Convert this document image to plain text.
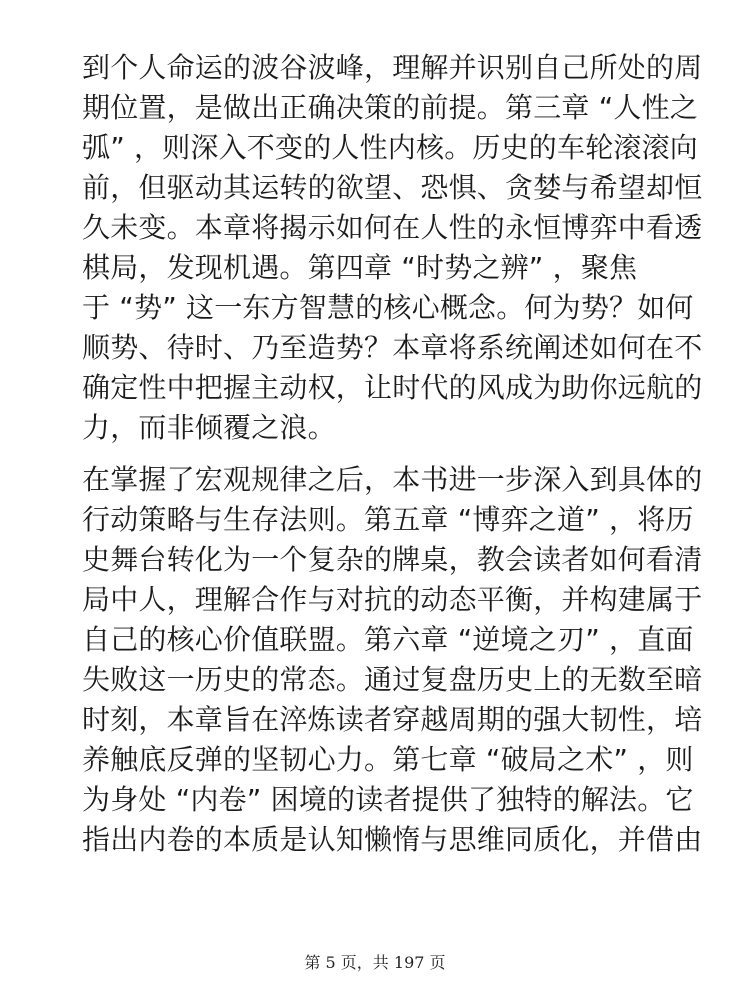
到个人命运的波谷波峰，理解并识别自己所处的周
期位置，是做出正确决策的前提。第三章 “人性之
弧” ，则深入不变的人性内核。历史的车轮滚滚向
前，但驱动其运转的欲望、恐惧、贪婪与希望却恒
久未变。本章将揭示如何在人性的永恒博弈中看透
棋局，发现机遇。第四章 “时势之辨” ，聚焦
于 “势” 这一东方智慧的核心概念。何为势？如何
顺势、待时、乃至造势？本章将系统阐述如何在不
确定性中把握主动权，让时代的风成为助你远航的
力，而非倾覆之浪。
在掌握了宏观规律之后，本书进一步深入到具体的
行动策略与生存法则。第五章 “博弈之道” ，将历
史舞台转化为一个复杂的牌桌，教会读者如何看清
局中人，理解合作与对抗的动态平衡，并构建属于
自己的核心价值联盟。第六章 “逆境之刃” ，直面
失败这一历史的常态。通过复盘历史上的无数至暗
时刻，本章旨在淬炼读者穿越周期的强大韧性，培
养触底反弹的坚韧心力。第七章 “破局之术” ，则
为身处 “内卷” 困境的读者提供了独特的解法。它
指出内卷的本质是认知懒惰与思维同质化，并借由
第 5 页，共 197 页
